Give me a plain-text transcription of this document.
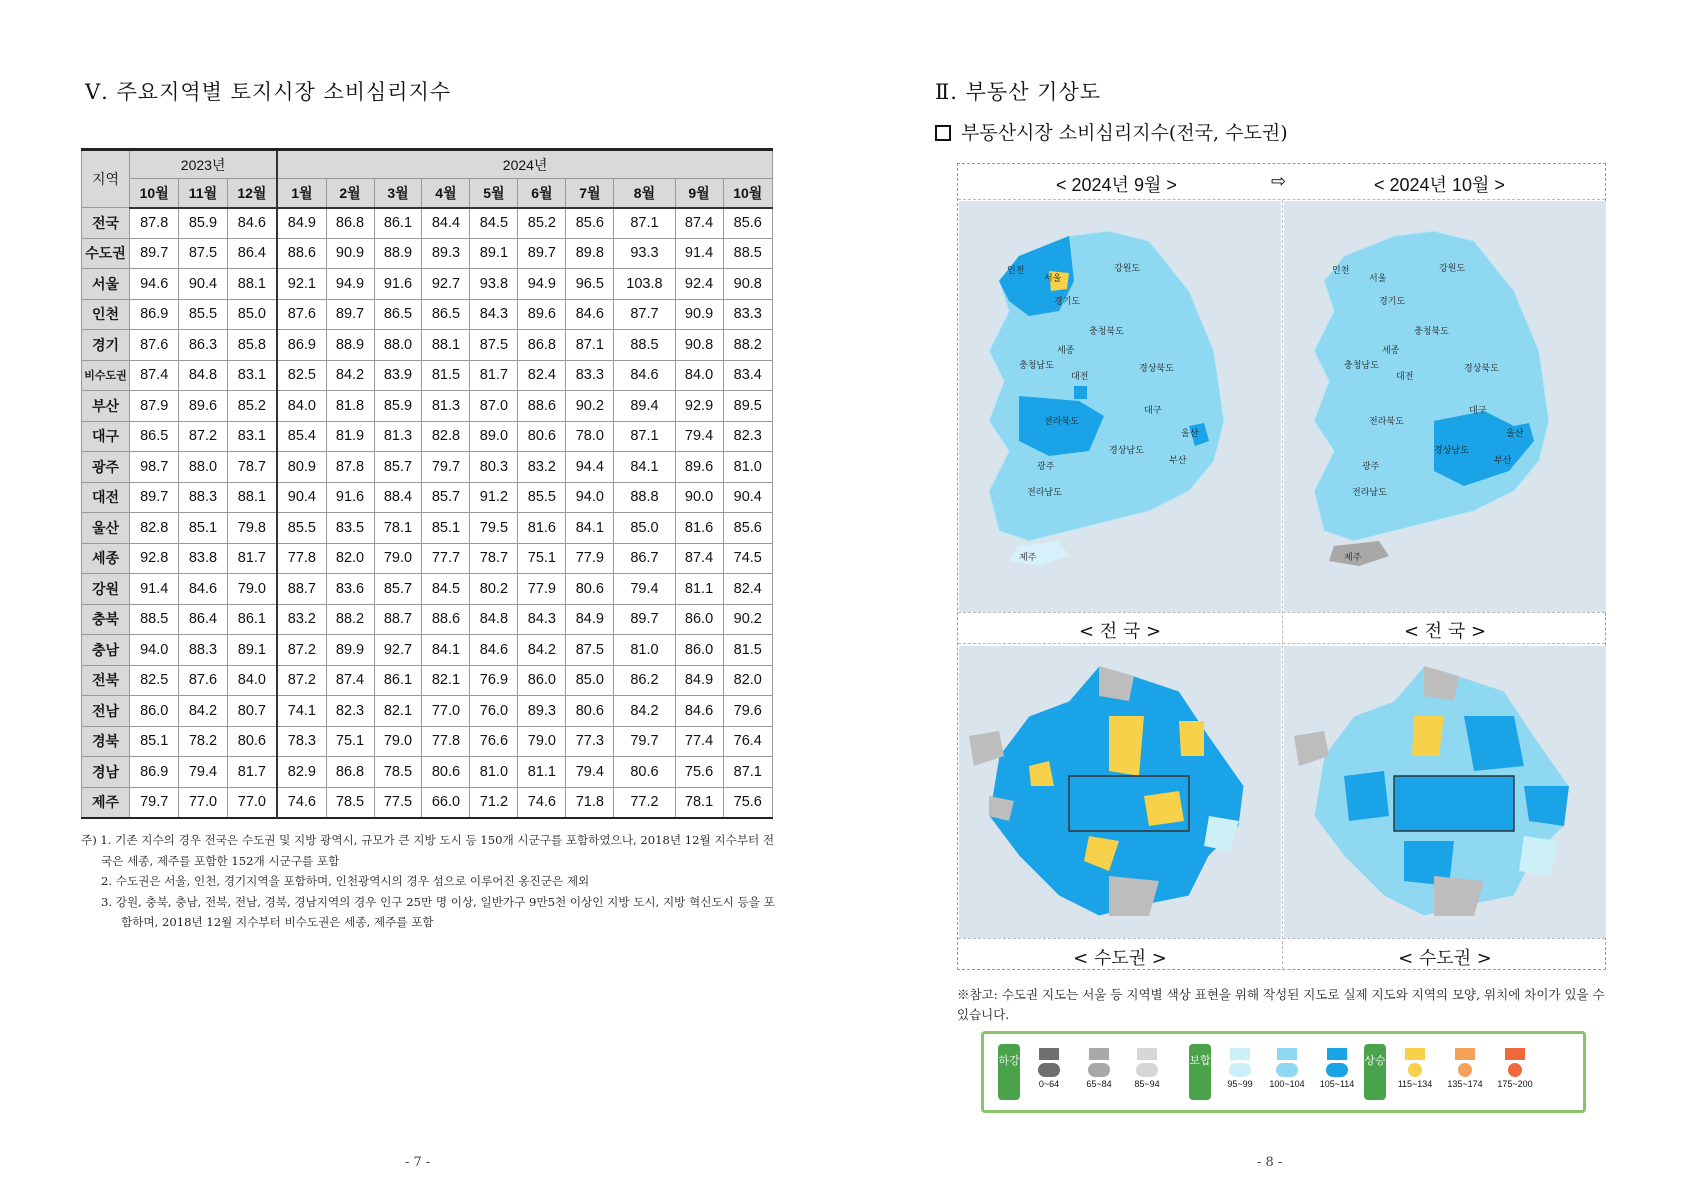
Ⅴ. 주요지역별 토지시장 소비심리지수
지역	2023년			2024년									
	10월	11월	12월	1월	2월	3월	4월	5월	6월	7월	8월	9월	10월
전국	87.8	85.9	84.6	84.9	86.8	86.1	84.4	84.5	85.2	85.6	87.1	87.4	85.6
수도권	89.7	87.5	86.4	88.6	90.9	88.9	89.3	89.1	89.7	89.8	93.3	91.4	88.5
서울	94.6	90.4	88.1	92.1	94.9	91.6	92.7	93.8	94.9	96.5	103.8	92.4	90.8
인천	86.9	85.5	85.0	87.6	89.7	86.5	86.5	84.3	89.6	84.6	87.7	90.9	83.3
경기	87.6	86.3	85.8	86.9	88.9	88.0	88.1	87.5	86.8	87.1	88.5	90.8	88.2
비수도권	87.4	84.8	83.1	82.5	84.2	83.9	81.5	81.7	82.4	83.3	84.6	84.0	83.4
부산	87.9	89.6	85.2	84.0	81.8	85.9	81.3	87.0	88.6	90.2	89.4	92.9	89.5
대구	86.5	87.2	83.1	85.4	81.9	81.3	82.8	89.0	80.6	78.0	87.1	79.4	82.3
광주	98.7	88.0	78.7	80.9	87.8	85.7	79.7	80.3	83.2	94.4	84.1	89.6	81.0
대전	89.7	88.3	88.1	90.4	91.6	88.4	85.7	91.2	85.5	94.0	88.8	90.0	90.4
울산	82.8	85.1	79.8	85.5	83.5	78.1	85.1	79.5	81.6	84.1	85.0	81.6	85.6
세종	92.8	83.8	81.7	77.8	82.0	79.0	77.7	78.7	75.1	77.9	86.7	87.4	74.5
강원	91.4	84.6	79.0	88.7	83.6	85.7	84.5	80.2	77.9	80.6	79.4	81.1	82.4
충북	88.5	86.4	86.1	83.2	88.2	88.7	88.6	84.8	84.3	84.9	89.7	86.0	90.2
충남	94.0	88.3	89.1	87.2	89.9	92.7	84.1	84.6	84.2	87.5	81.0	86.0	81.5
전북	82.5	87.6	84.0	87.2	87.4	86.1	82.1	76.9	86.0	85.0	86.2	84.9	82.0
전남	86.0	84.2	80.7	74.1	82.3	82.1	77.0	76.0	89.3	80.6	84.2	84.6	79.6
경북	85.1	78.2	80.6	78.3	75.1	79.0	77.8	76.6	79.0	77.3	79.7	77.4	76.4
경남	86.9	79.4	81.7	82.9	86.8	78.5	80.6	81.0	81.1	79.4	80.6	75.6	87.1
제주	79.7	77.0	77.0	74.6	78.5	77.5	66.0	71.2	74.6	71.8	77.2	78.1	75.6
주) 1. 기존 지수의 경우 전국은 수도권 및 지방 광역시, 규모가 큰 지방 도시 등 150개 시군구를 포함하였으나, 2018년 12월 지수부터 전국은 세종, 제주를 포함한 152개 시군구를 포함
2. 수도권은 서울, 인천, 경기지역을 포함하며, 인천광역시의 경우 섬으로 이루어진 옹진군은 제외
3. 강원, 충북, 충남, 전북, 전남, 경북, 경남지역의 경우 인구 25만 명 이상, 일반가구 9만5천 이상인 지방 도시, 지방 혁신도시 등을 포함하며, 2018년 12월 지수부터 비수도권은 세종, 제주를 포함
- 7 -
Ⅱ. 부동산 기상도
부동산시장 소비심리지수(전국, 수도권)
< 2024년 9월 >	⇨	< 2024년 10월 >
인천
서울
경기도
강원도
충청북도
세종
충청남도
대전
경상북도
전라북도
대구
울산
경상남도
부산
광주
전라남도
제주
인천
서울
경기도
강원도
충청북도
세종
충청남도
대전
경상북도
전라북도
대구
울산
경상남도
부산
광주
전라남도
제주
< 전 국 >	< 전 국 >
< 수도권 >	< 수도권 >
※참고: 수도권 지도는 서울 등 지역별 색상 표현을 위해 작성된 지도로 실제 지도와 지역의 모양, 위치에 차이가 있을 수 있습니다.
하강
0~64	65~84	85~94
보합
95~99	100~104	105~114
상승
115~134	135~174	175~200
- 8 -
